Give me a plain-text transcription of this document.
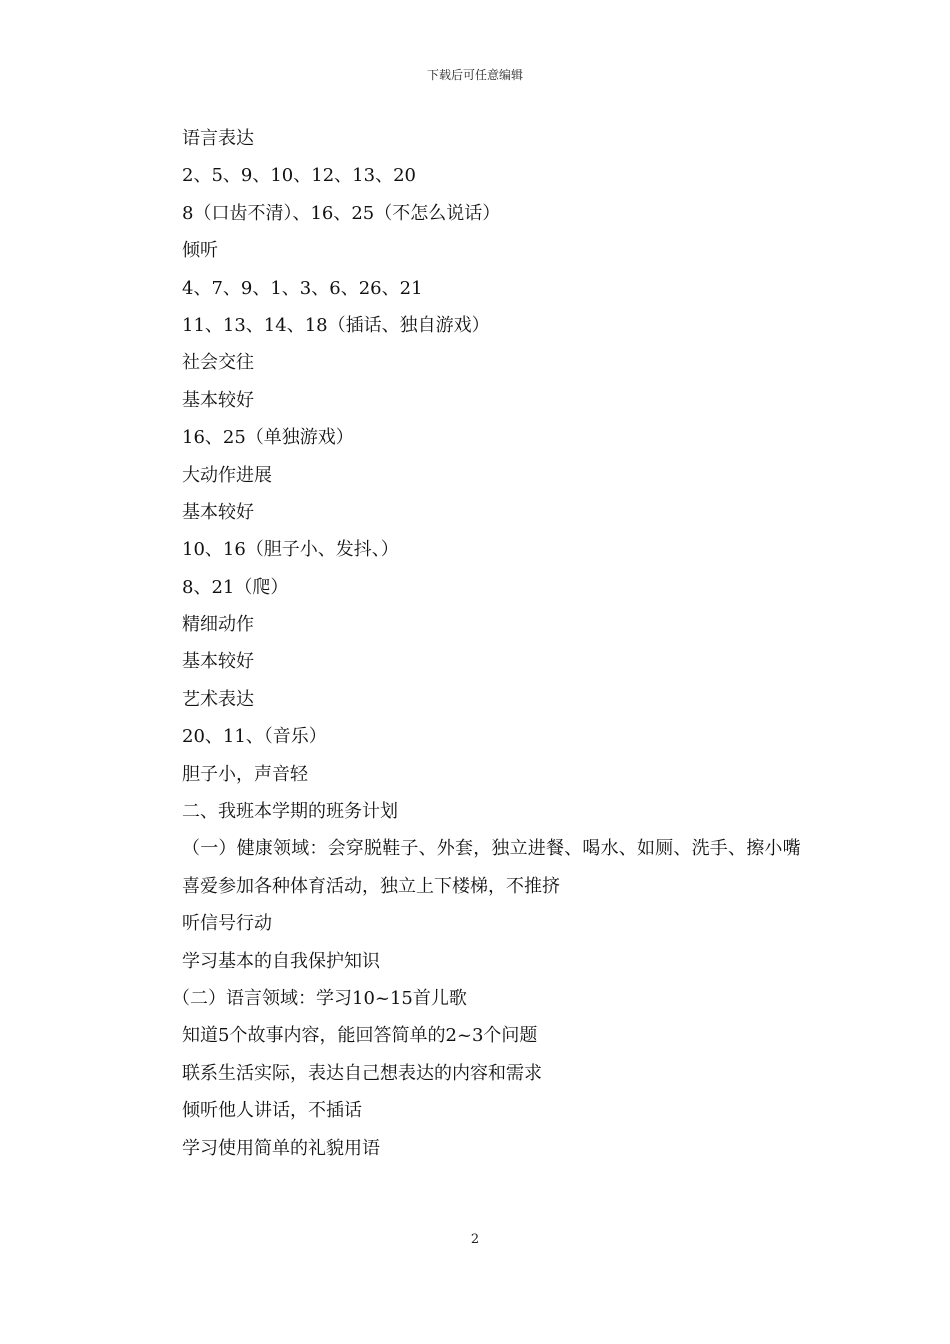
下载后可任意编辑
语言表达
2、5、9、10、12、13、20
8（口齿不清）、16、25（不怎么说话）
倾听
4、7、9、1、3、6、26、21
11、13、14、18（插话、独自游戏）
社会交往
基本较好
16、25（单独游戏）
大动作进展
基本较好
10、16（胆子小、发抖、）
8、21（爬）
精细动作
基本较好
艺术表达
20、11、（音乐）
胆子小，声音轻
二、我班本学期的班务计划
（一）健康领域：会穿脱鞋子、外套，独立进餐、喝水、如厕、洗手、擦小嘴
喜爱参加各种体育活动，独立上下楼梯，不推挤
听信号行动
学习基本的自我保护知识
（二）语言领域：学习10~15首儿歌
知道5个故事内容，能回答简单的2~3个问题
联系生活实际，表达自己想表达的内容和需求
倾听他人讲话，不插话
学习使用简单的礼貌用语
2
